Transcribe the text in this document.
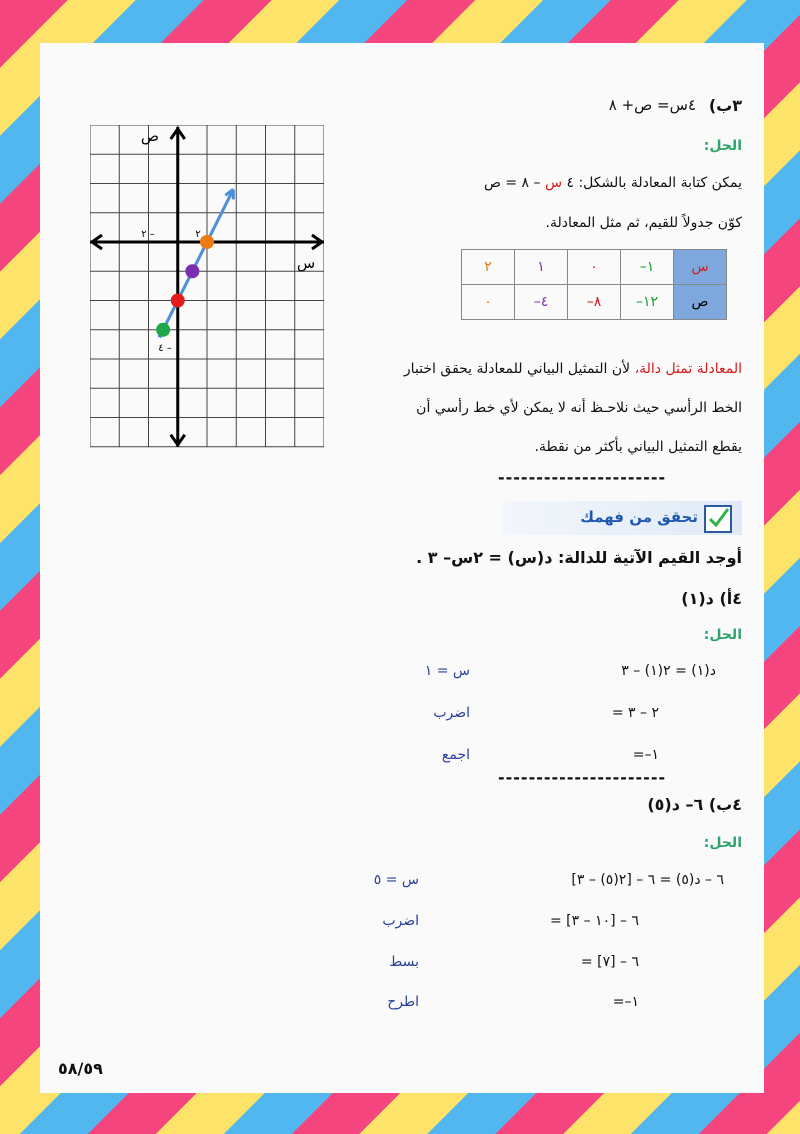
٣ب)
٤س= ص+ ٨
الحل:
يمكن كتابة المعادلة بالشكل: ٤ س – ٨ = ص
كوّن جدولاً للقيم، ثم مثل المعادلة.
٢	١	٠	–١	س
٠	–٤	–٨	–١٢	ص
المعادلة تمثل دالة، لأن التمثيل البياني للمعادلة يحقق اختبار
الخط الرأسي حيث نلاحـظ أنه لا يمكن لأي خط رأسي أن
يقطع التمثيل البياني بأكثر من نقطة.
----------------------
ص
س
٢ –	٢
٤ –
تحقق من فهمك
أوجد القيم الآتية للدالة: د(س) = ٢س– ٣ .
٤أ) د(١)
الحل:
د(١) = ٢(١) – ٣
= ٢ – ٣
=–١
س = ١
اضرب
اجمع
----------------------
٤ب) ٦– د(٥)
الحل:
٦ – د(٥) = ٦ – [٢(٥) – ٣]
= ٦ – [١٠ – ٣]
= ٦ – [٧]
=–١
س = ٥
اضرب
بسط
اطرح
٥٨/٥٩
